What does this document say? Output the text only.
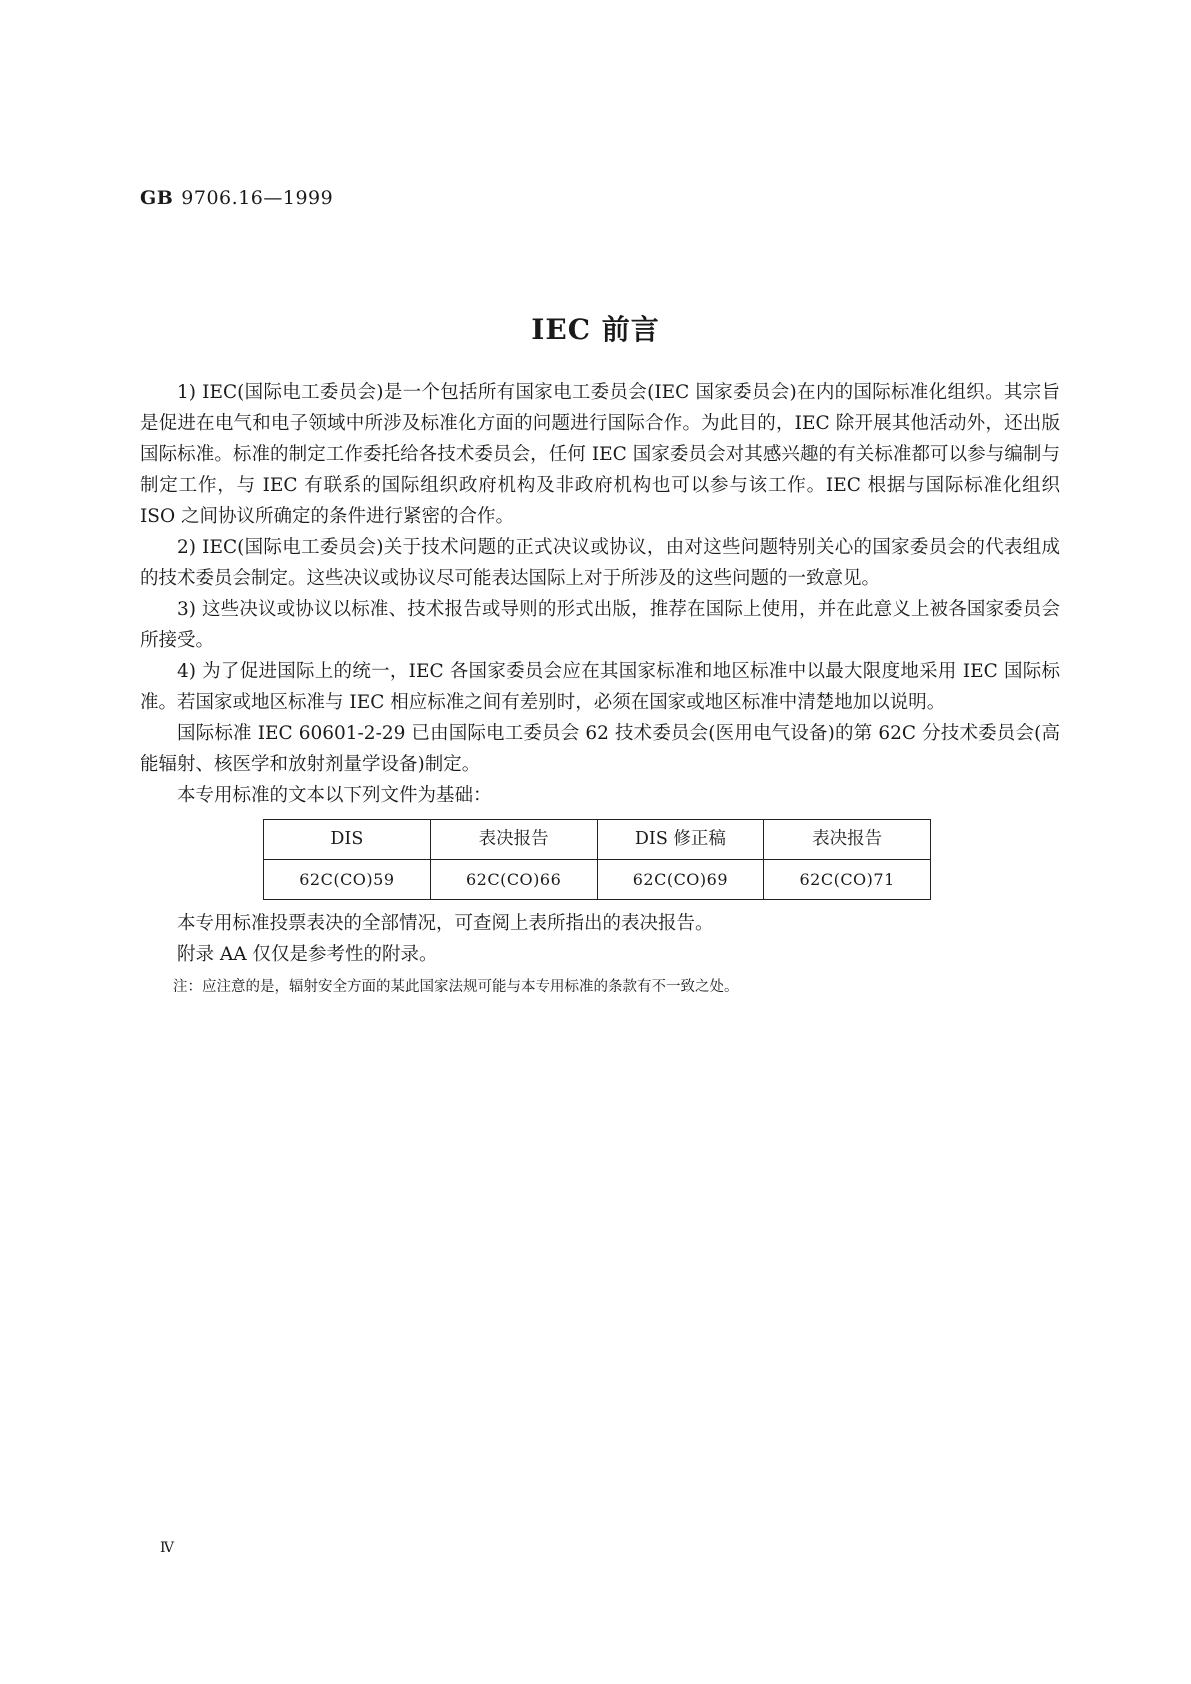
GB 9706.16—1999
IEC 前言

1) IEC(国际电工委员会)是一个包括所有国家电工委员会(IEC 国家委员会)在内的国际标准化组织。其宗旨是促进在电气和电子领域中所涉及标准化方面的问题进行国际合作。为此目的，IEC 除开展其他活动外，还出版国际标准。标准的制定工作委托给各技术委员会，任何 IEC 国家委员会对其感兴趣的有关标准都可以参与编制与制定工作，与 IEC 有联系的国际组织政府机构及非政府机构也可以参与该工作。IEC 根据与国际标准化组织 ISO 之间协议所确定的条件进行紧密的合作。

2) IEC(国际电工委员会)关于技术问题的正式决议或协议，由对这些问题特别关心的国家委员会的代表组成的技术委员会制定。这些决议或协议尽可能表达国际上对于所涉及的这些问题的一致意见。

3) 这些决议或协议以标准、技术报告或导则的形式出版，推荐在国际上使用，并在此意义上被各国家委员会所接受。

4) 为了促进国际上的统一，IEC 各国家委员会应在其国家标准和地区标准中以最大限度地采用 IEC 国际标准。若国家或地区标准与 IEC 相应标准之间有差别时，必须在国家或地区标准中清楚地加以说明。

国际标准 IEC 60601-2-29 已由国际电工委员会 62 技术委员会(医用电气设备)的第 62C 分技术委员会(高能辐射、核医学和放射剂量学设备)制定。

本专用标准的文本以下列文件为基础：

DIS	表决报告	DIS 修正稿	表决报告
62C(CO)59	62C(CO)66	62C(CO)69	62C(CO)71

本专用标准投票表决的全部情况，可查阅上表所指出的表决报告。

附录 AA 仅仅是参考性的附录。

注：应注意的是，辐射安全方面的某此国家法规可能与本专用标准的条款有不一致之处。

Ⅳ
